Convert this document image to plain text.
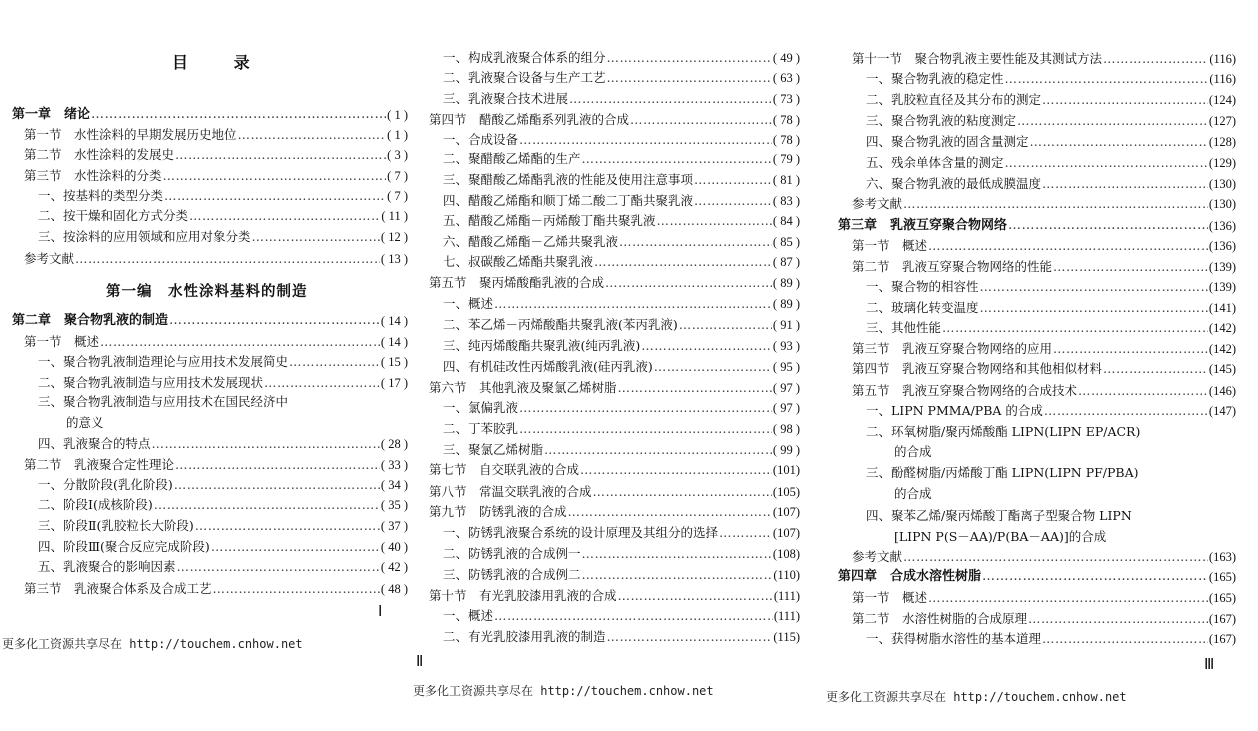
目 录
第一编　水性涂料基料的制造
第一章　绪论 ……………………………………………………………………………………………………………………………………………………………………………………………………………	( 1 )
第一节　水性涂料的早期发展历史地位 ……………………………………………………………………………………………………………………………………………………………………………………………………………	( 1 )
第二节　水性涂料的发展史 ……………………………………………………………………………………………………………………………………………………………………………………………………………	( 3 )
第三节　水性涂料的分类 ……………………………………………………………………………………………………………………………………………………………………………………………………………	( 7 )
一、按基料的类型分类 ……………………………………………………………………………………………………………………………………………………………………………………………………………	( 7 )
二、按干燥和固化方式分类 ……………………………………………………………………………………………………………………………………………………………………………………………………………	( 11 )
三、按涂料的应用领域和应用对象分类 ……………………………………………………………………………………………………………………………………………………………………………………………………………	( 12 )
参考文献 ……………………………………………………………………………………………………………………………………………………………………………………………………………	( 13 )
第二章　聚合物乳液的制造 ……………………………………………………………………………………………………………………………………………………………………………………………………………	( 14 )
第一节　概述 ……………………………………………………………………………………………………………………………………………………………………………………………………………	( 14 )
一、聚合物乳液制造理论与应用技术发展简史 ……………………………………………………………………………………………………………………………………………………………………………………………………………	( 15 )
二、聚合物乳液制造与应用技术发展现状 ……………………………………………………………………………………………………………………………………………………………………………………………………………	( 17 )
三、聚合物乳液制造与应用技术在国民经济中
的意义
四、乳液聚合的特点 ……………………………………………………………………………………………………………………………………………………………………………………………………………	( 28 )
第二节　乳液聚合定性理论 ……………………………………………………………………………………………………………………………………………………………………………………………………………	( 33 )
一、分散阶段(乳化阶段) ……………………………………………………………………………………………………………………………………………………………………………………………………………	( 34 )
二、阶段Ⅰ(成核阶段) ……………………………………………………………………………………………………………………………………………………………………………………………………………	( 35 )
三、阶段Ⅱ(乳胶粒长大阶段) ……………………………………………………………………………………………………………………………………………………………………………………………………………	( 37 )
四、阶段Ⅲ(聚合反应完成阶段) ……………………………………………………………………………………………………………………………………………………………………………………………………………	( 40 )
五、乳液聚合的影响因素 ……………………………………………………………………………………………………………………………………………………………………………………………………………	( 42 )
第三节　乳液聚合体系及合成工艺 ……………………………………………………………………………………………………………………………………………………………………………………………………………	( 48 )
一、构成乳液聚合体系的组分 ……………………………………………………………………………………………………………………………………………………………………………………………………………	( 49 )
二、乳液聚合设备与生产工艺 ……………………………………………………………………………………………………………………………………………………………………………………………………………	( 63 )
三、乳液聚合技术进展 ……………………………………………………………………………………………………………………………………………………………………………………………………………	( 73 )
第四节　醋酸乙烯酯系列乳液的合成 ……………………………………………………………………………………………………………………………………………………………………………………………………………	( 78 )
一、合成设备 ……………………………………………………………………………………………………………………………………………………………………………………………………………	( 78 )
二、聚醋酸乙烯酯的生产 ……………………………………………………………………………………………………………………………………………………………………………………………………………	( 79 )
三、聚醋酸乙烯酯乳液的性能及使用注意事项 ……………………………………………………………………………………………………………………………………………………………………………………………………………	( 81 )
四、醋酸乙烯酯和顺丁烯二酸二丁酯共聚乳液 ……………………………………………………………………………………………………………………………………………………………………………………………………………	( 83 )
五、醋酸乙烯酯－丙烯酸丁酯共聚乳液 ……………………………………………………………………………………………………………………………………………………………………………………………………………	( 84 )
六、醋酸乙烯酯－乙烯共聚乳液 ……………………………………………………………………………………………………………………………………………………………………………………………………………	( 85 )
七、叔碳酸乙烯酯共聚乳液 ……………………………………………………………………………………………………………………………………………………………………………………………………………	( 87 )
第五节　聚丙烯酸酯乳液的合成 ……………………………………………………………………………………………………………………………………………………………………………………………………………	( 89 )
一、概述 ……………………………………………………………………………………………………………………………………………………………………………………………………………	( 89 )
二、苯乙烯－丙烯酸酯共聚乳液(苯丙乳液) ……………………………………………………………………………………………………………………………………………………………………………………………………………	( 91 )
三、纯丙烯酸酯共聚乳液(纯丙乳液) ……………………………………………………………………………………………………………………………………………………………………………………………………………	( 93 )
四、有机硅改性丙烯酸乳液(硅丙乳液) ……………………………………………………………………………………………………………………………………………………………………………………………………………	( 95 )
第六节　其他乳液及聚氯乙烯树脂 ……………………………………………………………………………………………………………………………………………………………………………………………………………	( 97 )
一、氯偏乳液 ……………………………………………………………………………………………………………………………………………………………………………………………………………	( 97 )
二、丁苯胶乳 ……………………………………………………………………………………………………………………………………………………………………………………………………………	( 98 )
三、聚氯乙烯树脂 ……………………………………………………………………………………………………………………………………………………………………………………………………………	( 99 )
第七节　自交联乳液的合成 ……………………………………………………………………………………………………………………………………………………………………………………………………………	(101)
第八节　常温交联乳液的合成 ……………………………………………………………………………………………………………………………………………………………………………………………………………	(105)
第九节　防锈乳液的合成 ……………………………………………………………………………………………………………………………………………………………………………………………………………	(107)
一、防锈乳液聚合系统的设计原理及其组分的选择 ……………………………………………………………………………………………………………………………………………………………………………………………………………	(107)
二、防锈乳液的合成例一 ……………………………………………………………………………………………………………………………………………………………………………………………………………	(108)
三、防锈乳液的合成例二 ……………………………………………………………………………………………………………………………………………………………………………………………………………	(110)
第十节　有光乳胶漆用乳液的合成 ……………………………………………………………………………………………………………………………………………………………………………………………………………	(111)
一、概述 ……………………………………………………………………………………………………………………………………………………………………………………………………………	(111)
二、有光乳胶漆用乳液的制造 ……………………………………………………………………………………………………………………………………………………………………………………………………………	(115)
第十一节　聚合物乳液主要性能及其测试方法 ……………………………………………………………………………………………………………………………………………………………………………………………………………	(116)
一、聚合物乳液的稳定性 ……………………………………………………………………………………………………………………………………………………………………………………………………………	(116)
二、乳胶粒直径及其分布的测定 ……………………………………………………………………………………………………………………………………………………………………………………………………………	(124)
三、聚合物乳液的粘度测定 ……………………………………………………………………………………………………………………………………………………………………………………………………………	(127)
四、聚合物乳液的固含量测定 ……………………………………………………………………………………………………………………………………………………………………………………………………………	(128)
五、残余单体含量的测定 ……………………………………………………………………………………………………………………………………………………………………………………………………………	(129)
六、聚合物乳液的最低成膜温度 ……………………………………………………………………………………………………………………………………………………………………………………………………………	(130)
参考文献 ……………………………………………………………………………………………………………………………………………………………………………………………………………	(130)
第三章　乳液互穿聚合物网络 ……………………………………………………………………………………………………………………………………………………………………………………………………………	(136)
第一节　概述 ……………………………………………………………………………………………………………………………………………………………………………………………………………	(136)
第二节　乳液互穿聚合物网络的性能 ……………………………………………………………………………………………………………………………………………………………………………………………………………	(139)
一、聚合物的相容性 ……………………………………………………………………………………………………………………………………………………………………………………………………………	(139)
二、玻璃化转变温度 ……………………………………………………………………………………………………………………………………………………………………………………………………………	(141)
三、其他性能 ……………………………………………………………………………………………………………………………………………………………………………………………………………	(142)
第三节　乳液互穿聚合物网络的应用 ……………………………………………………………………………………………………………………………………………………………………………………………………………	(142)
第四节　乳液互穿聚合物网络和其他相似材料 ……………………………………………………………………………………………………………………………………………………………………………………………………………	(145)
第五节　乳液互穿聚合物网络的合成技术 ……………………………………………………………………………………………………………………………………………………………………………………………………………	(146)
一、LIPN PMMA/PBA 的合成 ……………………………………………………………………………………………………………………………………………………………………………………………………………	(147)
二、环氧树脂/聚丙烯酸酯 LIPN(LIPN EP/ACR)
的合成
三、酚醛树脂/丙烯酸丁酯 LIPN(LIPN PF/PBA)
的合成
四、聚苯乙烯/聚丙烯酸丁酯离子型聚合物 LIPN
[LIPN P(S－AA)/P(BA－AA)]的合成
参考文献 ……………………………………………………………………………………………………………………………………………………………………………………………………………	(163)
第四章　合成水溶性树脂 ……………………………………………………………………………………………………………………………………………………………………………………………………………	(165)
第一节　概述 ……………………………………………………………………………………………………………………………………………………………………………………………………………	(165)
第二节　水溶性树脂的合成原理 ……………………………………………………………………………………………………………………………………………………………………………………………………………	(167)
一、获得树脂水溶性的基本道理 ……………………………………………………………………………………………………………………………………………………………………………………………………………	(167)
Ⅰ
Ⅱ	Ⅲ
更多化工资源共享尽在 http://touchem.cnhow.net
更多化工资源共享尽在 http://touchem.cnhow.net	更多化工资源共享尽在 http://touchem.cnhow.net
